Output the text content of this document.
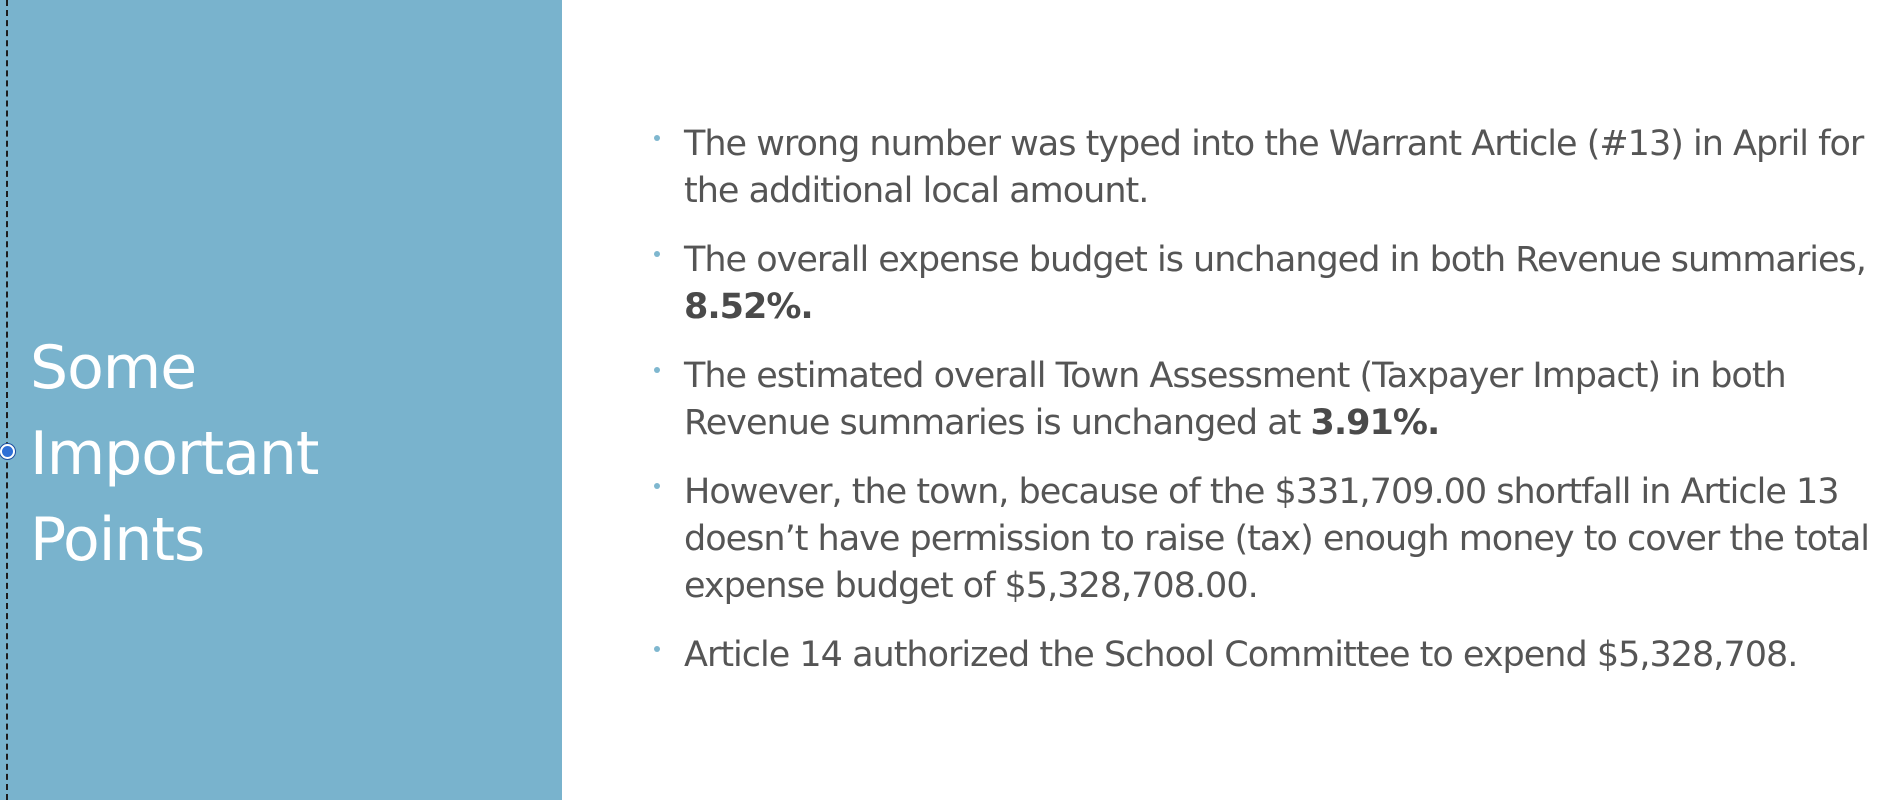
Some
Important
Points
The wrong number was typed into the Warrant Article (#13) in April for the additional local amount.
The overall expense budget is unchanged in both Revenue summaries, 8.52%.
The estimated overall Town Assessment (Taxpayer Impact) in both Revenue summaries is unchanged at 3.91%.
However, the town, because of the $331,709.00 shortfall in Article 13 doesn’t have permission to raise (tax) enough money to cover the total expense budget of $5,328,708.00.
Article 14 authorized the School Committee to expend $5,328,708.
